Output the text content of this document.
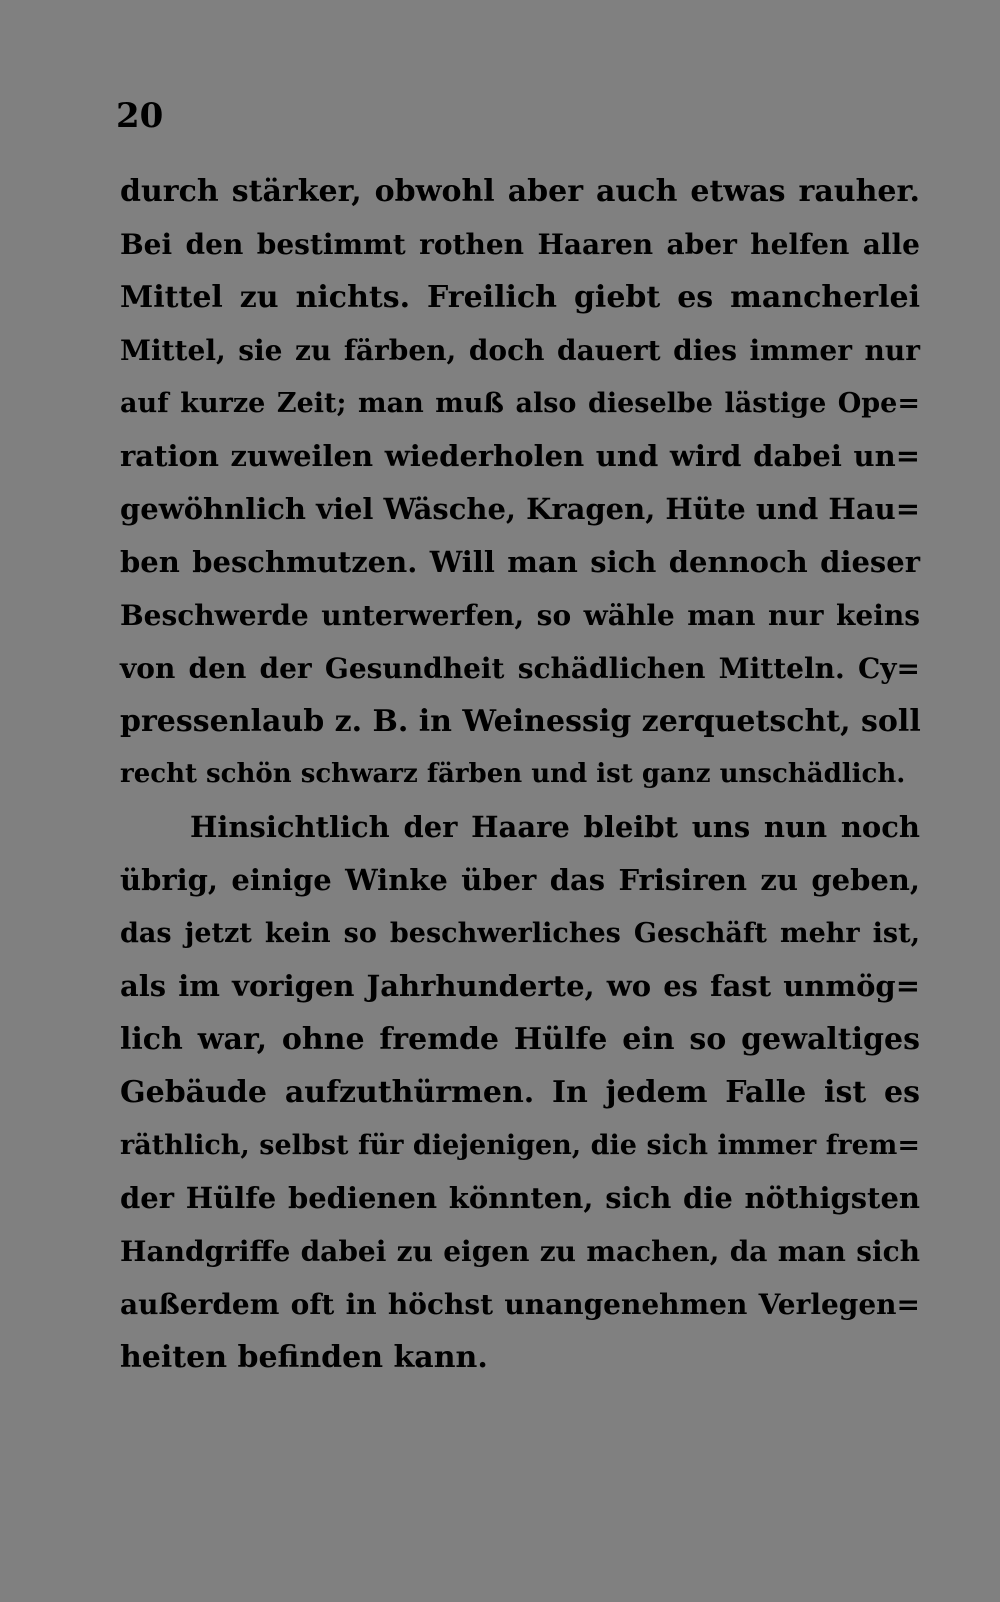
20
durch stärker, obwohl aber auch etwas rauher.
Bei den bestimmt rothen Haaren aber helfen alle
Mittel zu nichts. Freilich giebt es mancherlei
Mittel, sie zu färben, doch dauert dies immer nur
auf kurze Zeit; man muß also dieselbe lästige Ope=
ration zuweilen wiederholen und wird dabei un=
gewöhnlich viel Wäsche, Kragen, Hüte und Hau=
ben beschmutzen. Will man sich dennoch dieser
Beschwerde unterwerfen, so wähle man nur keins
von den der Gesundheit schädlichen Mitteln. Cy=
pressenlaub z. B. in Weinessig zerquetscht, soll
recht schön schwarz färben und ist ganz unschädlich.
Hinsichtlich der Haare bleibt uns nun noch
übrig, einige Winke über das Frisiren zu geben,
das jetzt kein so beschwerliches Geschäft mehr ist,
als im vorigen Jahrhunderte, wo es fast unmög=
lich war, ohne fremde Hülfe ein so gewaltiges
Gebäude aufzuthürmen. In jedem Falle ist es
räthlich, selbst für diejenigen, die sich immer frem=
der Hülfe bedienen könnten, sich die nöthigsten
Handgriffe dabei zu eigen zu machen, da man sich
außerdem oft in höchst unangenehmen Verlegen=
heiten befinden kann.
